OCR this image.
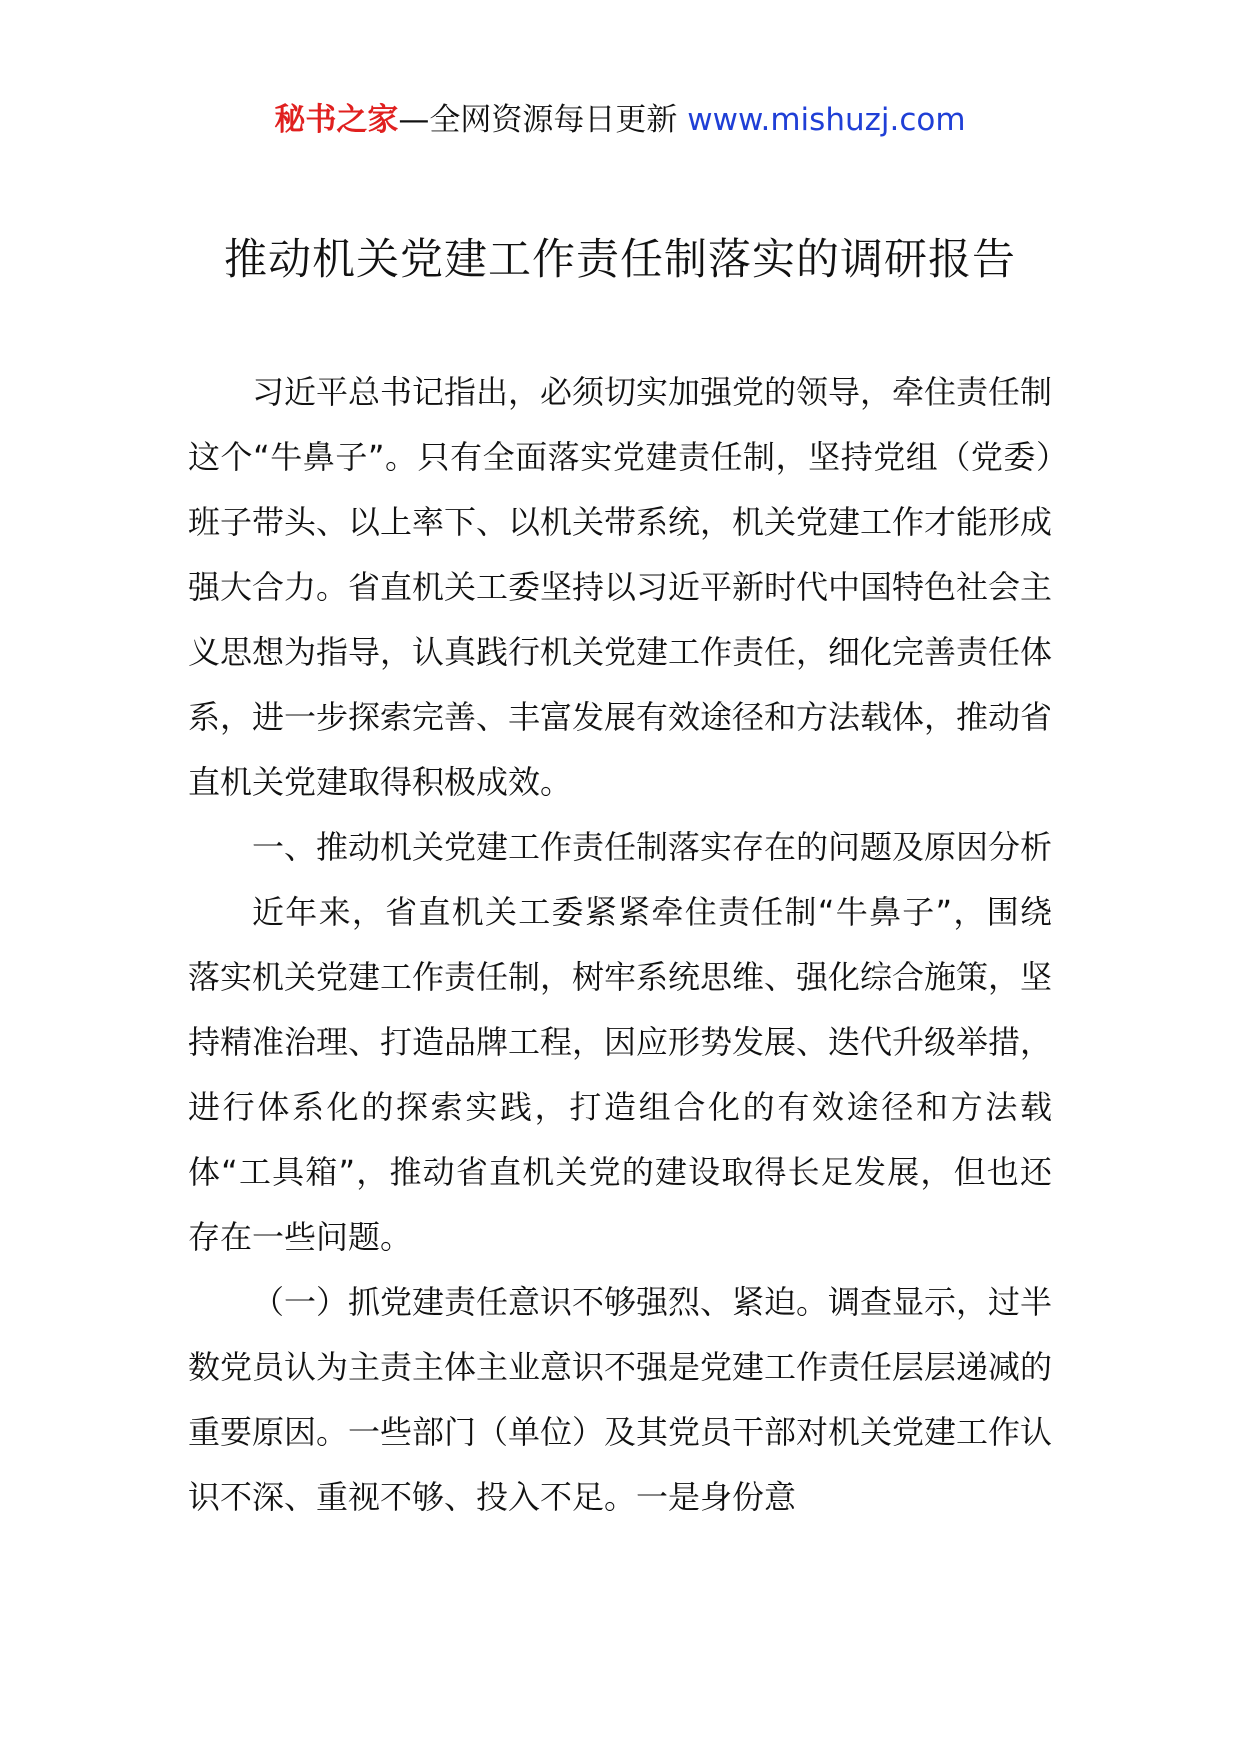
秘书之家—全网资源每日更新 www.mishuzj.com
推动机关党建工作责任制落实的调研报告

习近平总书记指出，必须切实加强党的领导，牵住责任制这个“牛鼻子”。只有全面落实党建责任制，坚持党组（党委）班子带头、以上率下、以机关带系统，机关党建工作才能形成强大合力。省直机关工委坚持以习近平新时代中国特色社会主义思想为指导，认真践行机关党建工作责任，细化完善责任体系，进一步探索完善、丰富发展有效途径和方法载体，推动省直机关党建取得积极成效。

一、推动机关党建工作责任制落实存在的问题及原因分析

近年来，省直机关工委紧紧牵住责任制“牛鼻子”，围绕落实机关党建工作责任制，树牢系统思维、强化综合施策，坚持精准治理、打造品牌工程，因应形势发展、迭代升级举措，进行体系化的探索实践，打造组合化的有效途径和方法载体“工具箱”，推动省直机关党的建设取得长足发展，但也还存在一些问题。

（一）抓党建责任意识不够强烈、紧迫。调查显示，过半数党员认为主责主体主业意识不强是党建工作责任层层递减的重要原因。一些部门（单位）及其党员干部对机关党建工作认识不深、重视不够、投入不足。一是身份意
